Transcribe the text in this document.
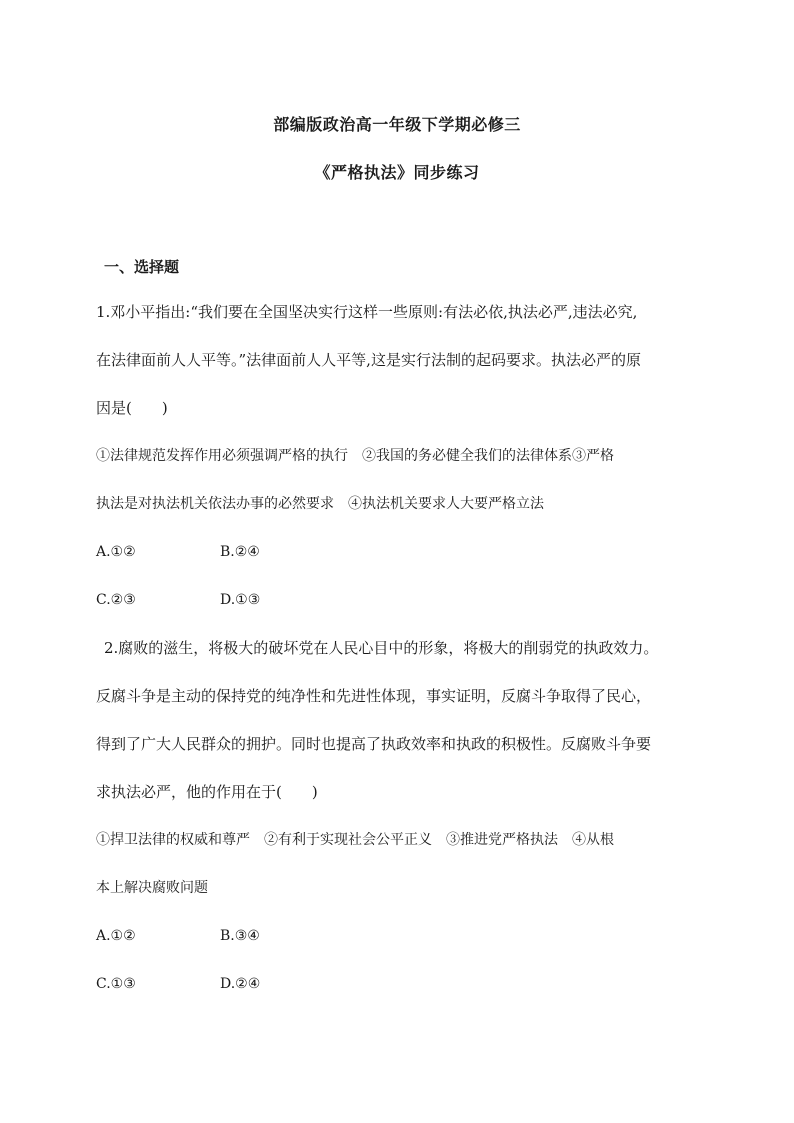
部编版政治高一年级下学期必修三
《严格执法》同步练习
一、选择题
1.邓小平指出:“我们要在全国坚决实行这样一些原则:有法必依,执法必严,违法必究,
在法律面前人人平等。”法律面前人人平等,这是实行法制的起码要求。执法必严的原
因是(　　)
①法律规范发挥作用必须强调严格的执行　②我国的务必健全我们的法律体系③严格
执法是对执法机关依法办事的必然要求　④执法机关要求人大要严格立法
A.①②	B.②④
C.②③	D.①③
2.腐败的滋生，将极大的破坏党在人民心目中的形象，将极大的削弱党的执政效力。
反腐斗争是主动的保持党的纯净性和先进性体现，事实证明，反腐斗争取得了民心，
得到了广大人民群众的拥护。同时也提高了执政效率和执政的积极性。反腐败斗争要
求执法必严，他的作用在于(　　)
①捍卫法律的权威和尊严　②有利于实现社会公平正义　③推进党严格执法　④从根
本上解决腐败问题
A.①②	B.③④
C.①③	D.②④
